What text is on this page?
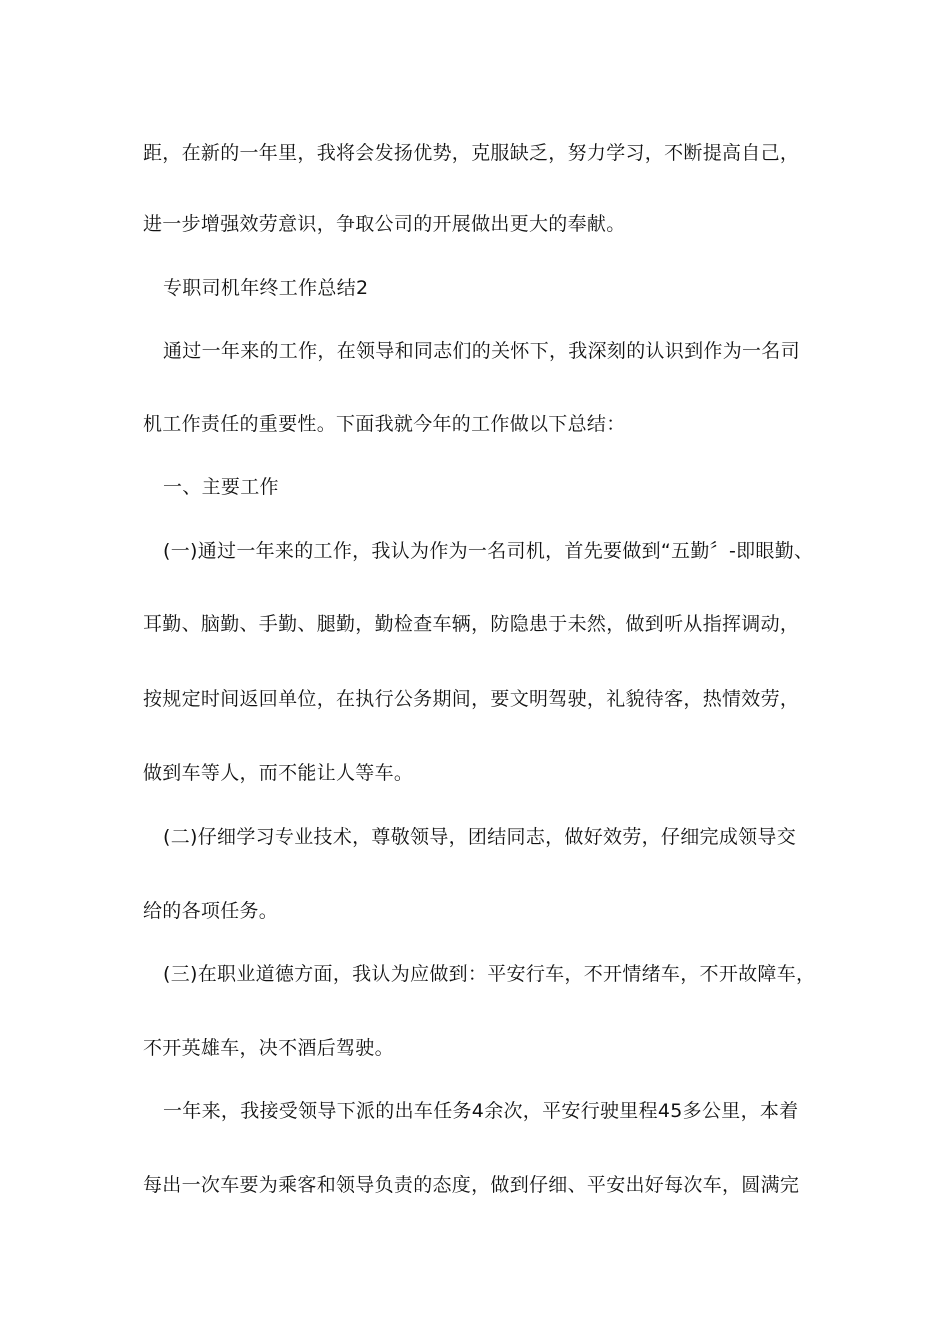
距，在新的一年里，我将会发扬优势，克服缺乏，努力学习，不断提高自己，
进一步增强效劳意识，争取公司的开展做出更大的奉献。
专职司机年终工作总结2
通过一年来的工作，在领导和同志们的关怀下，我深刻的认识到作为一名司
机工作责任的重要性。下面我就今年的工作做以下总结：
一、主要工作
(一)通过一年来的工作，我认为作为一名司机，首先要做到“五勤〞-即眼勤、
耳勤、脑勤、手勤、腿勤，勤检查车辆，防隐患于未然，做到听从指挥调动，
按规定时间返回单位，在执行公务期间，要文明驾驶，礼貌待客，热情效劳，
做到车等人，而不能让人等车。
(二)仔细学习专业技术，尊敬领导，团结同志，做好效劳，仔细完成领导交
给的各项任务。
(三)在职业道德方面，我认为应做到：平安行车，不开情绪车，不开故障车，
不开英雄车，决不酒后驾驶。
一年来，我接受领导下派的出车任务4余次，平安行驶里程45多公里，本着
每出一次车要为乘客和领导负责的态度，做到仔细、平安出好每次车，圆满完
